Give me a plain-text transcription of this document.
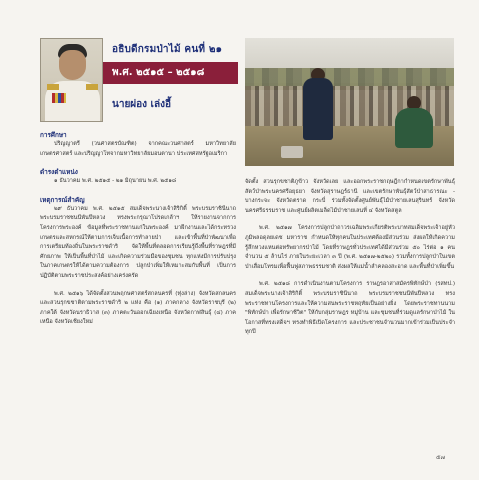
อธิบดีกรมป่าไม้ คนที่ ๒๑
พ.ศ. ๒๕๑๕ – ๒๕๑๘
นายผ่อง เล่งอี้

การศึกษา

ปริญญาตรี (วนศาสตรบัณฑิต) จากคณะวนศาสตร์ มหาวิทยาลัยเกษตรศาสตร์ และปริญญาโทจากมหาวิทยาลัยมอนตานา ประเทศสหรัฐอเมริกา

ดำรงตำแหน่ง

๑ ธันวาคม พ.ศ. ๒๕๑๕ - ๒๑ มิถุนายน พ.ศ. ๒๕๑๘

เหตุการณ์สำคัญ

๒๙ ธันวาคม พ.ศ. ๒๕๑๕ สมเด็จพระนางเจ้าสิริกิติ์ พระบรมราชินีนาถ พระบรมราชชนนีพันปีหลวง ทรงพระกรุณาโปรดเกล้าฯ ให้รายงานจากการโครงการพระองค์ ข้อมูลที่พระราชทานแก่ในพระองค์ มาฝึกงานและได้กระทรวงเกษตรและสหกรณ์ให้ตามการเจ็บเนื้อการทำลายป่า และเข้าพื้นที่ป่าพัฒนาเพื่อการเตรียมท้องถิ่นในพระราชดำริ จัดให้พื้นที่ตลอดการเรียนรู้ถึงพื้นที่ราษฎรที่มีศักยภาพ ให้เป็นพื้นที่ป่าไม้ และเกิดความร่วมมือของชุมชน ทุกแห่งมีการปรับปรุงในภาคเกษตรให้ได้ตามความต้องการ ปลูกป่าเพิ่มให้เหมาะสมกับพื้นที่ เป็นการปฏิบัติตามพระราชประสงค์อย่างเคร่งครัด

พ.ศ. ๒๕๑๖ ได้จัดตั้งสวนพฤกษศาสตร์สกลนครที่ (ทุ่งล่าง) จังหวัดสกลนคร และสวนรุกขชาติตามพระราชดำริ ๒ แห่ง คือ (๑) ภาคกลาง จังหวัดราชบุรี (๒) ภาคใต้ จังหวัดนราธิวาส (๓) ภาคตะวันออกเฉียงเหนือ จังหวัดกาฬสินธุ์ (๔) ภาคเหนือ จังหวัดเชียงใหม่

จัดตั้ง สวนรุกขชาติภูข้าว จังหวัดเลย และออกพระราชกฤษฎีกากำหนดเขตรักษาพันธุ์สัตว์ป่าพระนครศรีอยุธยา จังหวัดสุราษฎร์ธานี และเขตรักษาพันธุ์สัตว์ป่าสาธารณะ - บางกระจะ จังหวัดตราด กระบี่ ร่วมทั้งจัดตั้งศูนย์พันธุ์ไม้ป่าชายเลนสุรินทร์ จังหวัดนครศรีธรรมราช และศูนย์ผลิตเมล็ดไม้ป่าชายเลนที่ ๔ จังหวัดสตูล

พ.ศ. ๒๕๑๗ โครงการปลูกป่าถาวรเฉลิมพระเกียรติพระบาทสมเด็จพระเจ้าอยู่หัวภูมิพลอดุลยเดช มหาราช กำหนดให้ทุกคนในประเทศต้องมีส่วนร่วม ส่งผลให้เกิดความรู้สึกหวงแหนต่อทรัพยากรป่าไม้ โดยที่ราษฎรทั่วประเทศได้มีส่วนร่วม ๕๐ ไร่ต่อ ๑ คน จำนวน ๕ ล้านไร่ ภายในระยะเวลา ๓ ปี (พ.ศ. ๒๕๑๗-๒๕๒๐) รวมทั้งการปลูกป่าในเขตป่าเสื่อมโทรมเพื่อฟื้นฟูสภาพธรรมชาติ ส่งผลให้แม่น้ำลำคลองสะอาด และพื้นที่ป่าเพิ่มขึ้น

พ.ศ. ๒๕๑๘ การดำเนินงานตามโครงการ ราษฎรอาสาสมัครพิทักษ์ป่า (รสทป.) สมเด็จพระนางเจ้าสิริกิติ์ พระบรมราชินีนาถ พระบรมราชชนนีพันปีหลวง ทรงพระราชทานโครงการและให้ความสนพระราชหฤทัยเป็นอย่างยิ่ง โดยพระราชทานนาม "พิทักษ์ป่า เพื่อรักษาชีวิต" ให้กับกลุ่มราษฎร หมู่บ้าน และชุมชนที่ร่วมดูแลรักษาป่าไม้ ในโอกาสที่ทรงเสด็จฯ ทรงทำพิธีเปิดโครงการ และประชาชนจำนวนมากเข้าร่วมเป็นประจำทุกปี

๕๗
